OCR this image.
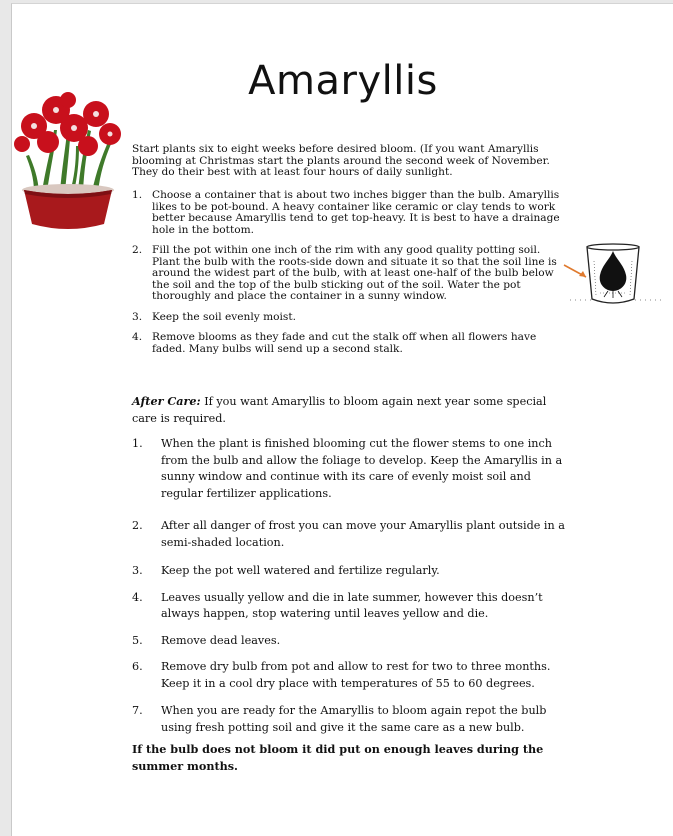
Amaryllis

Start plants six to eight weeks before desired bloom. (If you want Amaryllis blooming at Christmas start the plants around the second week of November. They do their best with at least four hours of daily sunlight.

1. Choose a container that is about two inches bigger than the bulb. Amaryllis likes to be pot-bound. A heavy container like ceramic or clay tends to work better because Amaryllis tend to get top-heavy. It is best to have a drainage hole in the bottom.
2. Fill the pot within one inch of the rim with any good quality potting soil. Plant the bulb with the roots-side down and situate it so that the soil line is around the widest part of the bulb, with at least one-half of the bulb below the soil and the top of the bulb sticking out of the soil. Water the pot thoroughly and place the container in a sunny window.
3. Keep the soil evenly moist.
4. Remove blooms as they fade and cut the stalk off when all flowers have faded. Many bulbs will send up a second stalk.

After Care: If you want Amaryllis to bloom again next year some special care is required.

1. When the plant is finished blooming cut the flower stems to one inch from the bulb and allow the foliage to develop. Keep the Amaryllis in a sunny window and continue with its care of evenly moist soil and regular fertilizer applications.
2. After all danger of frost you can move your Amaryllis plant outside in a semi-shaded location.
3. Keep the pot well watered and fertilize regularly.
4. Leaves usually yellow and die in late summer, however this doesn’t always happen, stop watering until leaves yellow and die.
5. Remove dead leaves.
6. Remove dry bulb from pot and allow to rest for two to three months. Keep it in a cool dry place with temperatures of 55 to 60 degrees.
7. When you are ready for the Amaryllis to bloom again repot the bulb using fresh potting soil and give it the same care as a new bulb.

If the bulb does not bloom it did put on enough leaves during the summer months.
